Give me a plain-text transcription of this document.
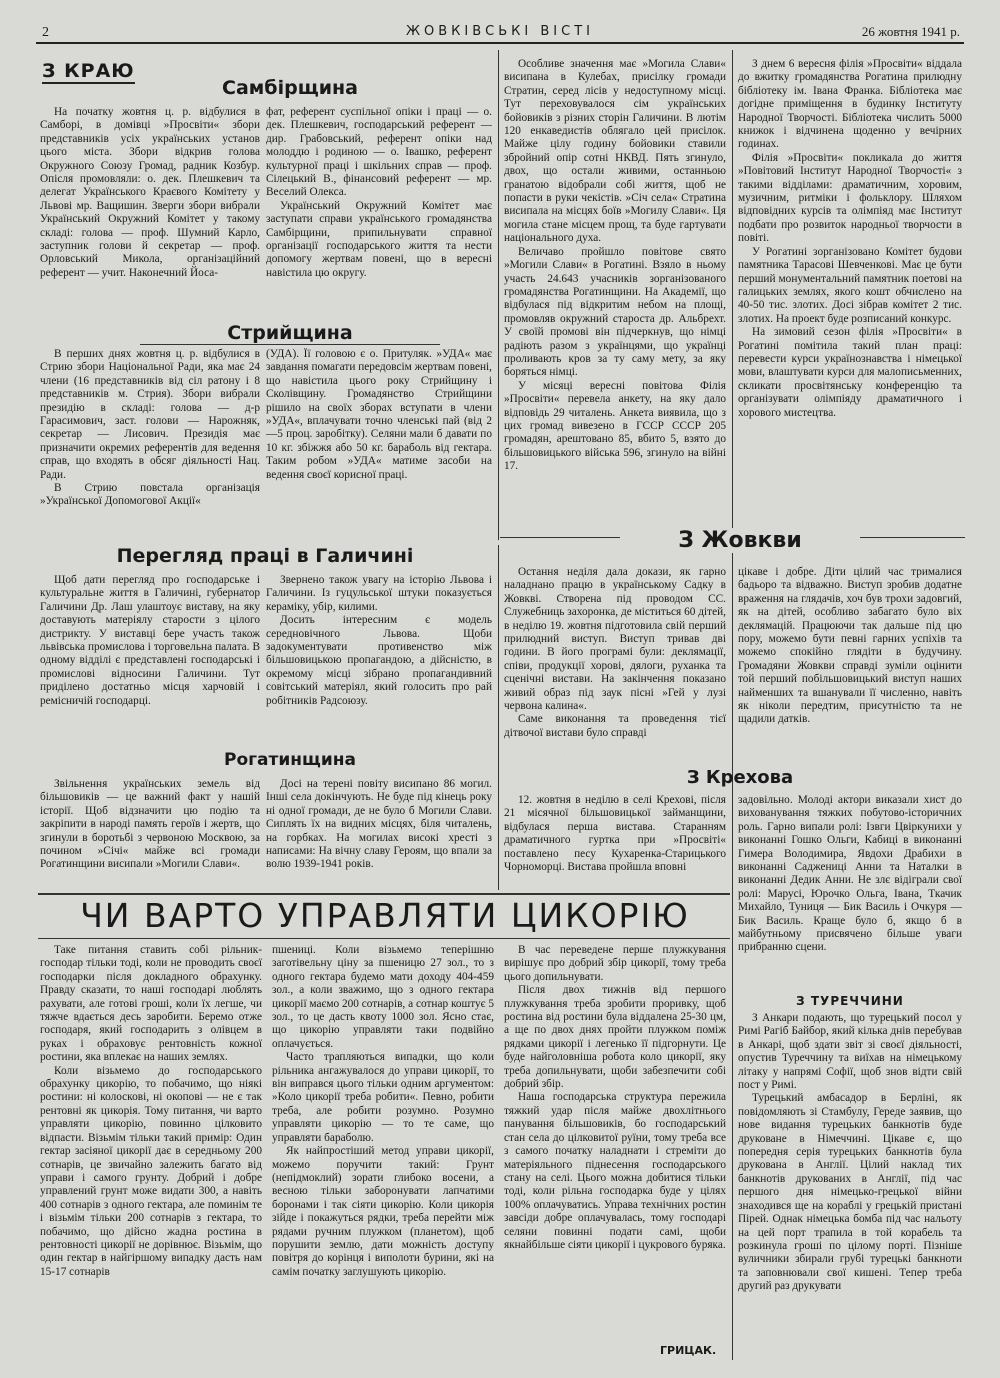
2	ЖОВКІВСЬКІ ВІСТІ	26 жовтня 1941 р.
З КРАЮ
Самбірщина

На початку жовтня ц. р. відбулися в Самборі, в домівці »Просвіти« збори представників усіх українських установ цього міста. Збори відкрив голова Окружного Союзу Громад, радник Козбур. Опісля промовляли: о. дек. Плешкевич та делегат Українського Краєвого Комітету у Львові мр. Ващишин. Зверги збори вибрали Український Окружний Комітет у такому складі: голова — проф. Шумний Карло, заступник голови й секретар — проф. Орловський Микола, організаційний референт — учит. Наконечний Йоса-

фат, референт суспільної опіки і праці — о. дек. Плешкевич, господарський референт — дир. Грабовський, референт опіки над молоддю і родиною — о. Івашко, референт культурної праці і шкільних справ — проф. Сілецький В., фінансовий референт — мр. Веселий Олекса.

Український Окружний Комітет має заступати справи українського громадянства Самбірщини, припильнувати справної організації господарського життя та нести допомогу жертвам повені, що в вересні навістила цю округу.

Стрийщина

В перших днях жовтня ц. р. відбулися в Стрию збори Національної Ради, яка має 24 члени (16 представників від сіл ратону і 8 представників м. Стрия). Збори вибрали президію в складі: голова — д-р Гарасимович, заст. голови — Нарожняк, секретар — Лисович. Президія має призначити окремих референтів для ведення справ, що входять в обсяг діяльності Нац. Ради.

В Стрию повстала організація »Української Допомогової Акції«

(УДА). Її головою є о. Притуляк. »УДА« має завдання помагати передовсім жертвам повені, що навістила цього року Стрийщину і Сколівщину. Громадянство Стрийщини рішило на своїх зборах вступати в члени »УДА«, вплачувати точно членські пай (від 2—5 проц. заробітку). Селяни мали б давати по 10 кг. збіжжя або 50 кг. бараболь від гектара. Таким робом »УДА« матиме засоби на ведення своєї корисної праці.

Перегляд праці в Галичині

Щоб дати перегляд про господарське і культуральне життя в Галичині, губернатор Галичини Др. Лаш улаштоує виставу, на яку доставують матеріялу старости з цілого дистрикту. У виставці бере участь також львівська промислова і торговельна палата. В одному відділі є представлені господарські і промислові відносини Галичини. Тут приділено достатньо місця харчовій і ремісничій господарці.

Звернено також увагу на історію Львова і Галичини. Із гуцульської штуки показується кераміку, убір, килими.

Досить інтересним є модель середновічного Львова. Щоби задокументувати противенство між більшовицькою пропагандою, а дійсністю, в окремому місці зібрано пропагандивний совітський матеріял, який голосить про рай робітників Радсоюзу.

Рогатинщина

Звільнення українських земель від більшовиків — це важний факт у нашій історії. Щоб відзначити цю подію та закріпити в народі память героїв і жертв, що згинули в боротьбі з червоною Москвою, за почином »Січі« майже всі громади Рогатинщини висипали »Могили Слави«.

Досі на терені повіту висипано 86 могил. Інші села докінчують. Не буде під кінець року ні одної громади, де не було б Могили Слави. Сиплять їх на видних місцях, біля читалень, на горбках. На могилах високі хресті з написами: На вічну славу Героям, що впали за волю 1939-1941 років.

Особливе значення має »Могила Слави« висипана в Кулебах, присілку громади Стратин, серед лісів у недоступному місці. Тут переховувалося сім українських бойовиків з різних сторін Галичини. В лютім 120 енкаведистів облягало цей присілок. Майже цілу годину бойовики ставили збройний опір сотні НКВД. Пять згинуло, двох, що остали живими, останньою гранатою відобрали собі життя, щоб не попасти в руки чекістів. »Січ села« Стратина висипала на місцях боїв »Могилу Слави«. Ця могила стане місцем прощ, та буде гартувати національного духа.

Величаво пройшло повітове свято »Могили Слави« в Рогатині. Взяло в ньому участь 24.643 учасників зорганізованого громадянства Рогатинщини. На Академії, що відбулася під відкритим небом на площі, промовляв окружний староста др. Альбрехт. У своїй промові він підчеркнув, що німці радіють разом з українцями, що українці проливають кров за ту саму мету, за яку боряться німці.

У місяці вересні повітова Філія »Просвіти« перевела анкету, на яку дало відповідь 29 читалень. Анкета виявила, що з цих громад вивезено в ГССР СССР 205 громадян, арештовано 85, вбито 5, взято до більшовицького війська 596, згинуло на війні 17.

З днем 6 вересня філія »Просвіти« віддала до вжитку громадянства Рогатина прилюдну бібліотеку ім. Івана Франка. Бібліотека має догідне приміщення в будинку Інституту Народної Творчості. Бібліотека числить 5000 книжок і відчинена щоденно у вечірних годинах.

Філія »Просвіти« покликала до життя »Повітовий Інститут Народної Творчості« з такими відділами: драматичним, хоровим, музичним, ритміки і фольклору. Шляхом відповідних курсів та олімпіяд має Інститут подбати про розвиток народньої творчости в повіті.

У Рогатині зорганізовано Комітет будови памятника Тарасові Шевченкові. Має це бути перший монументальний памятник поетові на галицьких землях, якого кошт обчислено на 40-50 тис. злотих. Досі зібрав комітет 2 тис. злотих. На проект буде розписаний конкурс.

На зимовий сезон філія »Просвіти« в Рогатині помітила такий план праці: перевести курси українознавства і німецької мови, влаштувати курси для малописьменних, скликати просвітянську конференцію та організувати олімпіяду драматичного і хорового мистецтва.

З Жовкви

Остання неділя дала докази, як гарно наладнано працю в українському Садку в Жовкві. Створена під проводом СС. Служебниць захоронка, де міститься 60 дітей, в неділю 19. жовтня підготовила свій перший прилюдний виступ. Виступ тривав дві години. В його програмі були: деклямації, співи, продукції хорові, дялоги, руханка та сценічні вистави. На закінчення показано живий образ під заук пісні »Гей у лузі червона калина«.

Саме виконання та проведення тієї дітвочої вистави було справді

цікаве і добре. Діти цілий час трималися бадьоро та відважно. Виступ зробив додатне враження на глядачів, хоч був трохи задовгий, як на дітей, особливо забагато було віх деклямацій. Працюючи так дальше під цю пору, можемо бути певні гарних успіхів та можемо спокійно глядіти в будучину. Громадяни Жовкви справді зуміли оцінити той перший побільшовицький виступ наших найменших та вшанували її численно, навіть як ніколи передтим, присутністю та не щадили датків.

З Крехова

12. жовтня в неділю в селі Крехові, після 21 місячної більшовицької займанщини, відбулася перша вистава. Старанням драматичного гуртка при »Просвіті« поставлено песу Кухаренка-Старицького Чорноморці. Вистава пройшла вповні

задовільно. Молоді актори виказали хист до вихованування тяжких побутово-історичних роль. Гарно випали ролі: Ізвги Цвіркунихи у виконанні Гошко Ольги, Кабиці в виконанні Гимера Володимира, Явдохи Драбихи в виконанні Саджениці Анни та Наталки в виконанні Дедик Анни. Не злє відіграли свої ролі: Марусі, Юрочко Ольга, Івана, Ткачик Михайло, Туниця — Бик Василь і Очкуря — Бик Василь. Краще було б, якщо б в майбутньому присвячено більше уваги прибранню сцени.

ЧИ ВАРТО УПРАВЛЯТИ ЦИКОРІЮ

Таке питання ставить собі рільник-господар тільки тоді, коли не проводить своєї господарки після докладного обрахунку. Правду сказати, то наші господарі люблять рахувати, але готові гроші, коли їх легше, чи тяжче вдається десь заробити. Беремо отже господаря, який господарить з олівцем в руках і обраховує рентовність кожної ростини, яка вплекає на наших землях.

Коли візьмемо до господарського обрахунку цикорію, то побачимо, що ніякі ростини: ні колоскові, ні окопові — не є так рентовні як цикорія. Тому питання, чи варто управляти цикорію, повинно цілковито відпасти. Візьмім тільки такий примір: Один гектар засіяної цикорії дає в середньому 200 сотнарів, це звичайно залежить багато від управи і самого грунту. Добрий і добре управлений грунт може видати 300, а навіть 400 сотнарів з одного гектара, але поминім те і візьмім тільки 200 сотнарів з гектара, то побачимо, що дійсно жадна ростина в рентовності цикорії не дорівнює. Візьмім, що один гектар в найгіршому випадку дасть нам 15-17 сотнарів

пшениці. Коли візьмемо теперішню заготівельну ціну за пшеницю 27 зол., то з одного гектара будемо мати доходу 404-459 зол., а коли зважимо, що з одного гектара цикорії маємо 200 сотнарів, а сотнар коштує 5 зол., то це дасть квоту 1000 зол. Ясно стає, що цикорію управляти таки подвійно оплачується.

Часто трапляються випадки, що коли рільника ангажувалося до управи цикорії, то він виправся цього тільки одним аргументом: »Коло цикорії треба робити«. Певно, робити треба, але робити розумно. Розумно управляти цикорію — то те саме, що управляти бараболю.

Як найпростіший метод управи цикорії, можемо поручити такий: Грунт (непідмоклий) зорати глибоко восени, а весною тільки заборонувати лапчатими боронами і так сіяти цикорію. Коли цикорія зійде і покажуться рядки, треба перейти між рядами ручним плужком (планетом), щоб порушити землю, дати можність доступу повітря до корінця і виполоти бурини, які на самім початку заглушують цикорію.

В час переведене перше плужкування вирішує про добрий збір цикорії, тому треба цього допильнувати.

Після двох тижнів від першого плужкування треба зробити проривку, щоб ростина від ростини була віддалена 25-30 цм, а ще по двох днях пройти плужком поміж рядками цикорії і легенько її підгорнути. Це буде найголовніша робота коло цикорії, яку треба допильнувати, щоби забезпечити собі добрий збір.

Наша господарська структура пережила тяжкий удар після майже двохлітнього панування більшовиків, бо господарський стан села до цілковитої руїни, тому треба все з самого початку наладнати і стреміти до матеріяльного піднесення господарського стану на селі. Цього можна добитися тільки тоді, коли рільна господарка буде у цілях 100% оплачуватись. Управа технічних ростин завсіди добре оплачувалась, тому господарі селяни повинні подати самі, щоби якнайбільше сіяти цикорії і цукрового буряка.

ГРИЦАК.
З ТУРЕЧЧИНИ

З Анкари подають, що турецький посол у Римі Рагіб Байбор, який кілька днів перебував в Анкарі, щоб здати звіт зі своєї діяльності, опустив Туреччину та виїхав на німецькому літаку у напрямі Софії, щоб знов відти свій пост у Римі.

Турецький амбасадор в Берліні, як повідомляють зі Стамбулу, Гереде заявив, що нове видання турецьких банкнотів буде друковане в Німеччині. Цікаве є, що попередня серія турецьких банкнотів була друкована в Англії. Цілий наклад тих банкнотів друкованих в Англії, під час першого дня німецько-грецької війни знаходився ще на кораблі у грецькій пристані Пірей. Однак німецька бомба під час нальоту на цей порт трапила в той корабель та розкинула гроші по цілому порті. Пізніше вуличники збирали грубі турецькі банкноти та заповнювали свої кишені. Тепер треба другий раз друкувати
